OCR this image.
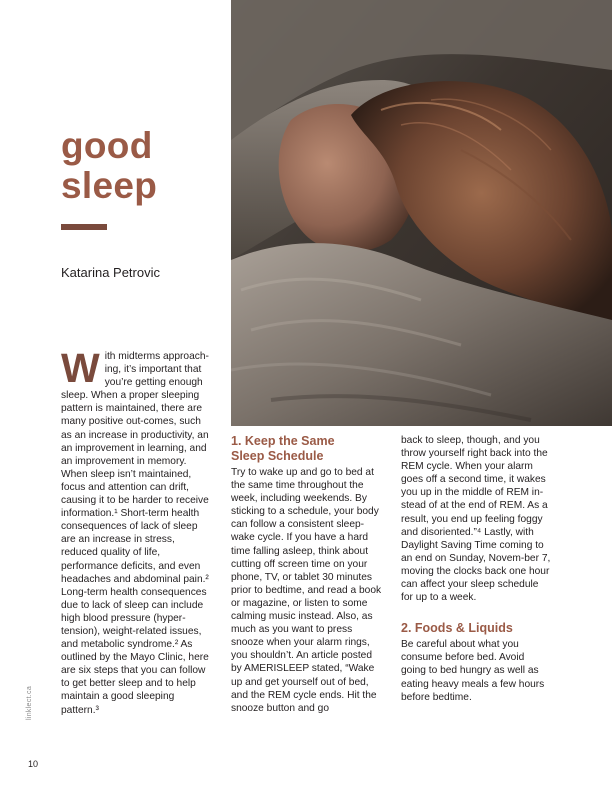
good
sleep
Katarina Petrovic

With midterms approach-ing, it’s important that you’re getting enough sleep. When a proper sleeping pattern is maintained, there are many positive out-comes, such as an increase in productivity, an an improvement in learning, and an improvement in memory. When sleep isn’t maintained, focus and attention can drift, causing it to be harder to receive information.¹ Short-term health consequences of lack of sleep are an increase in stress, reduced quality of life, performance deficits, and even headaches and abdominal pain.² Long-term health consequences due to lack of sleep can include high blood pressure (hyper-tension), weight-related issues, and metabolic syndrome.² As outlined by the Mayo Clinic, here are six steps that you can follow to get better sleep and to help maintain a good sleeping pattern.³

1. Keep the Same
Sleep Schedule

Try to wake up and go to bed at the same time throughout the week, including weekends. By sticking to a schedule, your body can follow a consistent sleep-wake cycle. If you have a hard time falling asleep, think about cutting off screen time on your phone, TV, or tablet 30 minutes prior to bedtime, and read a book or magazine, or listen to some calming music instead. Also, as much as you want to press snooze when your alarm rings, you shouldn’t. An article posted by AMERISLEEP stated, “Wake up and get yourself out of bed, and the REM cycle ends. Hit the snooze button and go

back to sleep, though, and you throw yourself right back into the REM cycle. When your alarm goes off a second time, it wakes you up in the middle of REM in-stead of at the end of REM. As a result, you end up feeling foggy and disoriented.”⁴ Lastly, with Daylight Saving Time coming to an end on Sunday, Novem-ber 7, moving the clocks back one hour can affect your sleep schedule for up to a week.

2. Foods & Liquids

Be careful about what you consume before bed. Avoid going to bed hungry as well as eating heavy meals a few hours before bedtime.

linklect.ca
10
